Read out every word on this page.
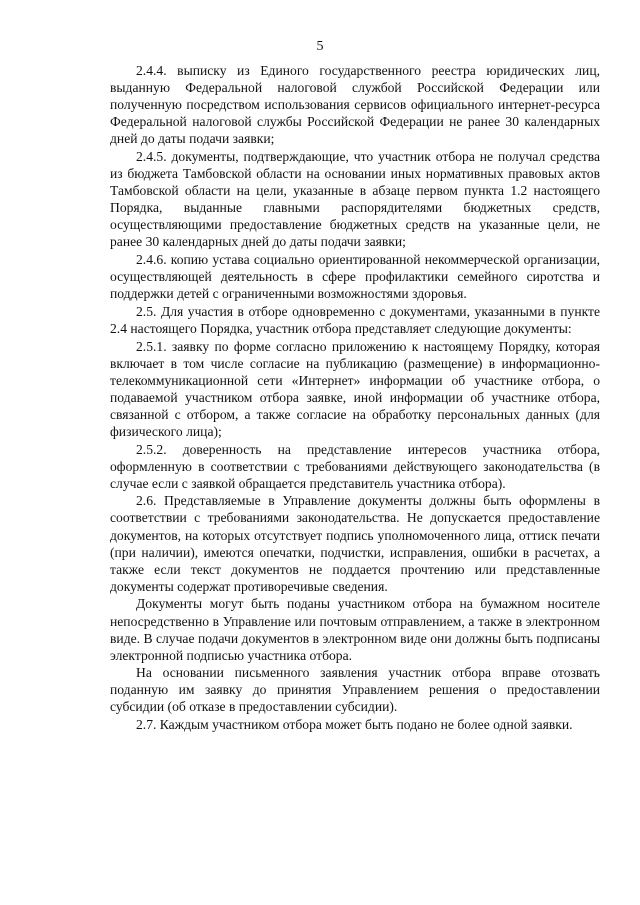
5

2.4.4. выписку из Единого государственного реестра юридических лиц, выданную Федеральной налоговой службой Российской Федерации или полученную посредством использования сервисов официального интернет-ресурса Федеральной налоговой службы Российской Федерации не ранее 30 календарных дней до даты подачи заявки;

2.4.5. документы, подтверждающие, что участник отбора не получал средства из бюджета Тамбовской области на основании иных нормативных правовых актов Тамбовской области на цели, указанные в абзаце первом пункта 1.2 настоящего Порядка, выданные главными распорядителями бюджетных средств, осуществляющими предоставление бюджетных средств на указанные цели, не ранее 30 календарных дней до даты подачи заявки;

2.4.6. копию устава социально ориентированной некоммерческой организации, осуществляющей деятельность в сфере профилактики семейного сиротства и поддержки детей с ограниченными возможностями здоровья.

2.5. Для участия в отборе одновременно с документами, указанными в пункте 2.4 настоящего Порядка, участник отбора представляет следующие документы:

2.5.1. заявку по форме согласно приложению к настоящему Порядку, которая включает в том числе согласие на публикацию (размещение) в информационно-телекоммуникационной сети «Интернет» информации об участнике отбора, о подаваемой участником отбора заявке, иной информации об участнике отбора, связанной с отбором, а также согласие на обработку персональных данных (для физического лица);

2.5.2. доверенность на представление интересов участника отбора, оформленную в соответствии с требованиями действующего законодательства (в случае если с заявкой обращается представитель участника отбора).

2.6. Представляемые в Управление документы должны быть оформлены в соответствии с требованиями законодательства. Не допускается предоставление документов, на которых отсутствует подпись уполномоченного лица, оттиск печати (при наличии), имеются опечатки, подчистки, исправления, ошибки в расчетах, а также если текст документов не поддается прочтению или представленные документы содержат противоречивые сведения.

Документы могут быть поданы участником отбора на бумажном носителе непосредственно в Управление или почтовым отправлением, а также в электронном виде. В случае подачи документов в электронном виде они должны быть подписаны электронной подписью участника отбора.

На основании письменного заявления участник отбора вправе отозвать поданную им заявку до принятия Управлением решения о предоставлении субсидии (об отказе в предоставлении субсидии).

2.7. Каждым участником отбора может быть подано не более одной заявки.
